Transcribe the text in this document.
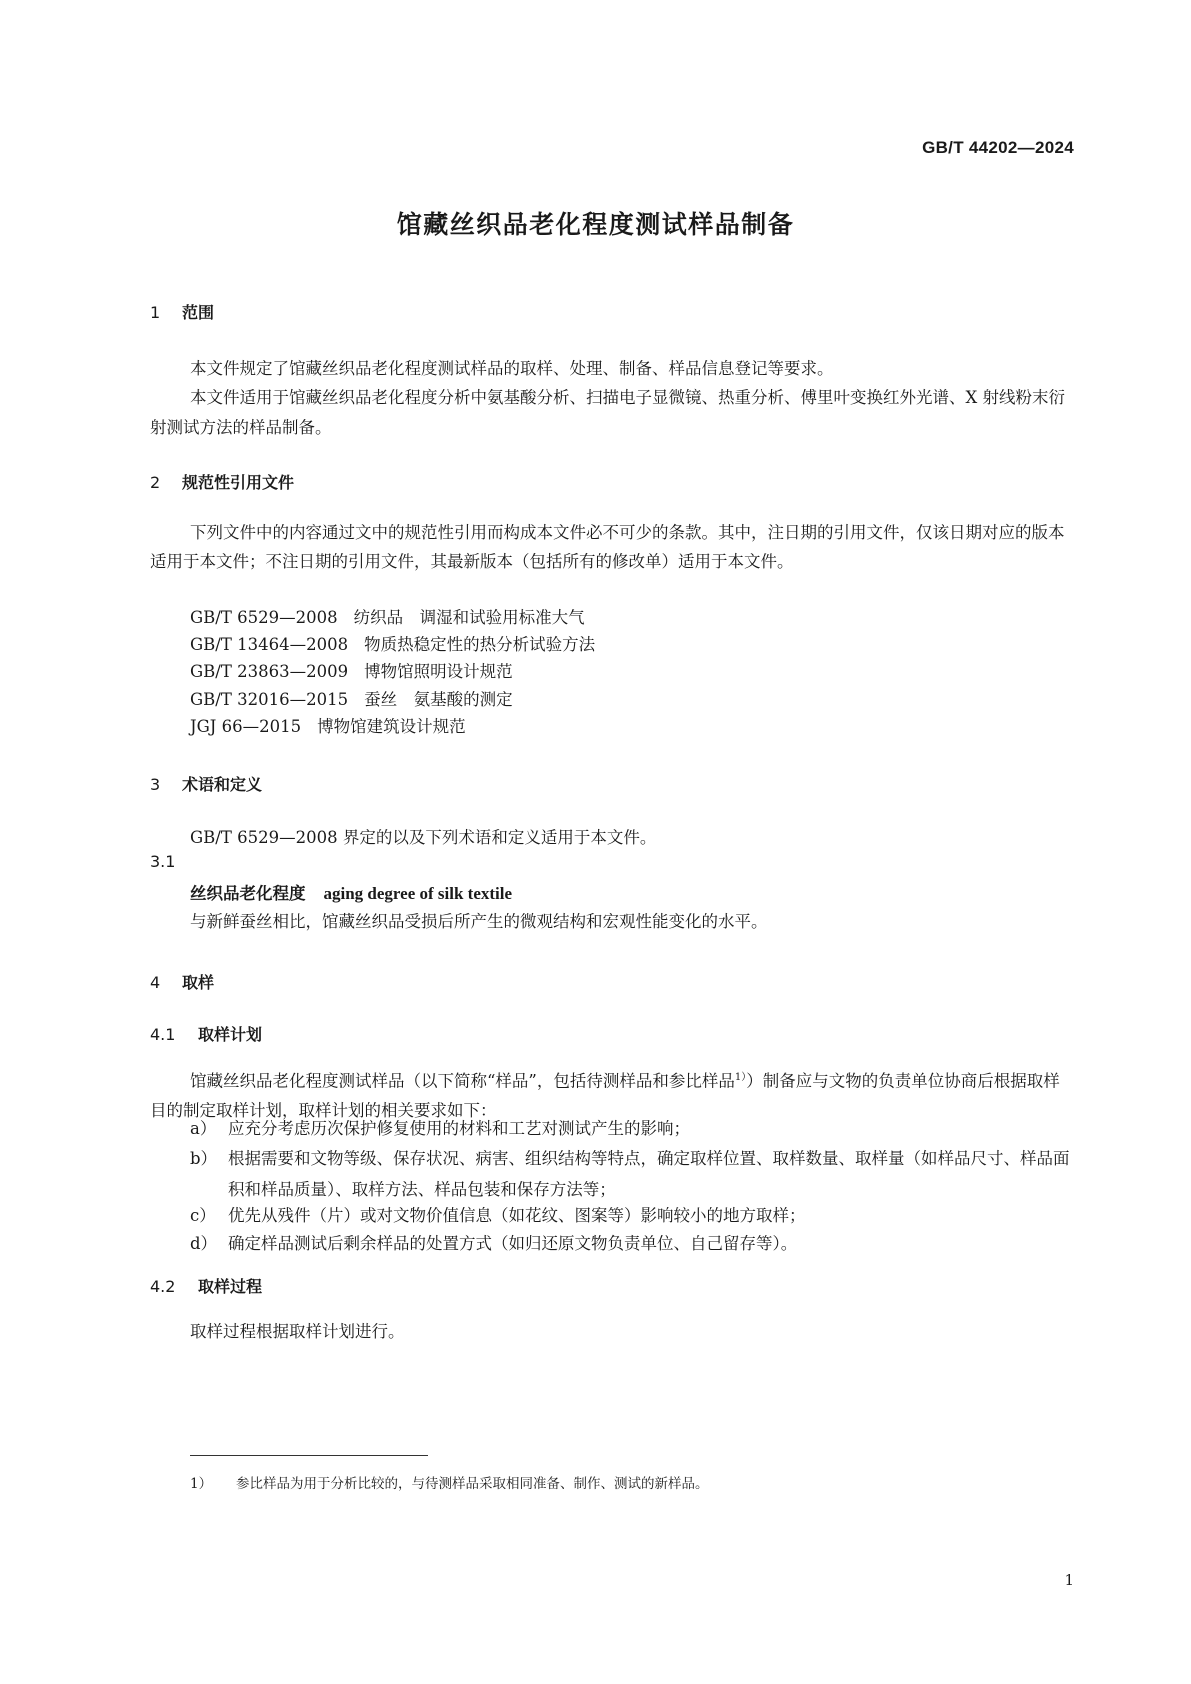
GB/T 44202—2024
馆藏丝织品老化程度测试样品制备
1 范围
本文件规定了馆藏丝织品老化程度测试样品的取样、处理、制备、样品信息登记等要求。
本文件适用于馆藏丝织品老化程度分析中氨基酸分析、扫描电子显微镜、热重分析、傅里叶变换红外光谱、X 射线粉末衍射测试方法的样品制备。
2 规范性引用文件
下列文件中的内容通过文中的规范性引用而构成本文件必不可少的条款。其中，注日期的引用文件，仅该日期对应的版本适用于本文件；不注日期的引用文件，其最新版本（包括所有的修改单）适用于本文件。
GB/T 6529—2008 纺织品　调湿和试验用标准大气
GB/T 13464—2008 物质热稳定性的热分析试验方法
GB/T 23863—2009 博物馆照明设计规范
GB/T 32016—2015 蚕丝　氨基酸的测定
JGJ 66—2015 博物馆建筑设计规范
3 术语和定义
GB/T 6529—2008 界定的以及下列术语和定义适用于本文件。
3.1
丝织品老化程度 aging degree of silk textile
与新鲜蚕丝相比，馆藏丝织品受损后所产生的微观结构和宏观性能变化的水平。
4 取样
4.1 取样计划
馆藏丝织品老化程度测试样品（以下简称“样品”，包括待测样品和参比样品$^{1)}$）制备应与文物的负责单位协商后根据取样目的制定取样计划，取样计划的相关要求如下：
a） 应充分考虑历次保护修复使用的材料和工艺对测试产生的影响；
b） 根据需要和文物等级、保存状况、病害、组织结构等特点，确定取样位置、取样数量、取样量（如样品尺寸、样品面积和样品质量）、取样方法、样品包装和保存方法等；
c） 优先从残件（片）或对文物价值信息（如花纹、图案等）影响较小的地方取样；
d） 确定样品测试后剩余样品的处置方式（如归还原文物负责单位、自己留存等）。
4.2 取样过程
取样过程根据取样计划进行。
1） 参比样品为用于分析比较的，与待测样品采取相同准备、制作、测试的新样品。
1
